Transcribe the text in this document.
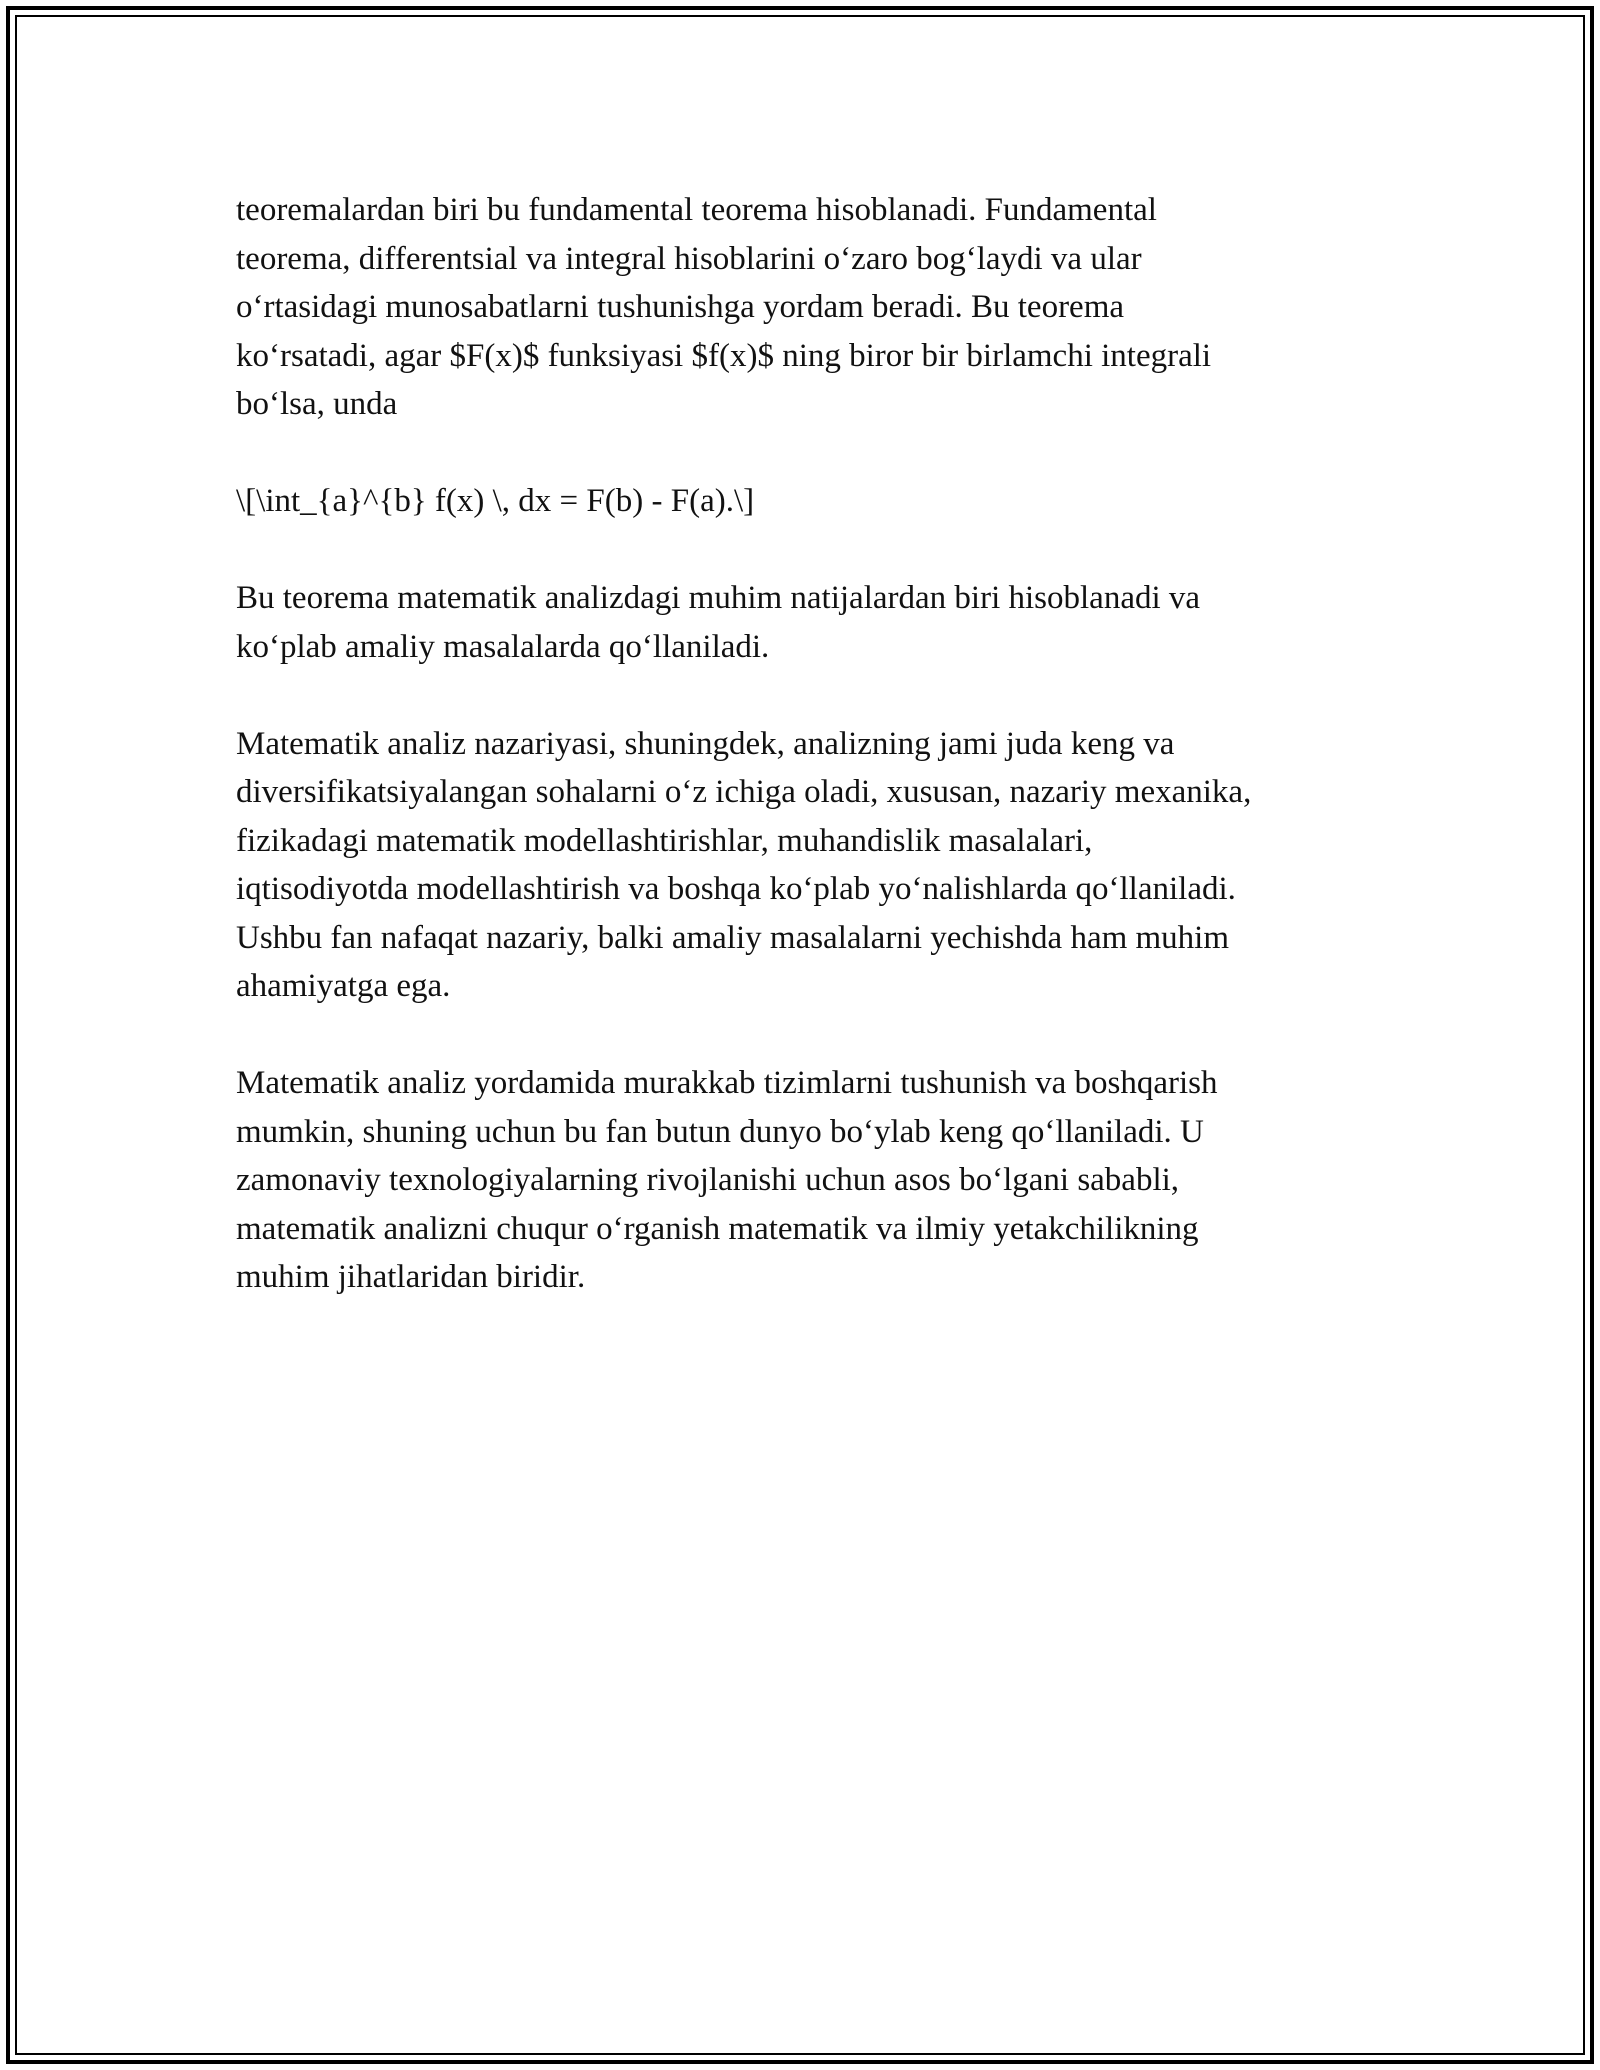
teoremalardan biri bu fundamental teorema hisoblanadi. Fundamental
teorema, differentsial va integral hisoblarini o‘zaro bog‘laydi va ular
o‘rtasidagi munosabatlarni tushunishga yordam beradi. Bu teorema
ko‘rsatadi, agar $F(x)$ funksiyasi $f(x)$ ning biror bir birlamchi integrali
bo‘lsa, unda
\[\int_{a}^{b} f(x) \, dx = F(b) - F(a).\]
Bu teorema matematik analizdagi muhim natijalardan biri hisoblanadi va
ko‘plab amaliy masalalarda qo‘llaniladi.
Matematik analiz nazariyasi, shuningdek, analizning jami juda keng va
diversifikatsiyalangan sohalarni o‘z ichiga oladi, xususan, nazariy mexanika,
fizikadagi matematik modellashtirishlar, muhandislik masalalari,
iqtisodiyotda modellashtirish va boshqa ko‘plab yo‘nalishlarda qo‘llaniladi.
Ushbu fan nafaqat nazariy, balki amaliy masalalarni yechishda ham muhim
ahamiyatga ega.
Matematik analiz yordamida murakkab tizimlarni tushunish va boshqarish
mumkin, shuning uchun bu fan butun dunyo bo‘ylab keng qo‘llaniladi. U
zamonaviy texnologiyalarning rivojlanishi uchun asos bo‘lgani sababli,
matematik analizni chuqur o‘rganish matematik va ilmiy yetakchilikning
muhim jihatlaridan biridir.
